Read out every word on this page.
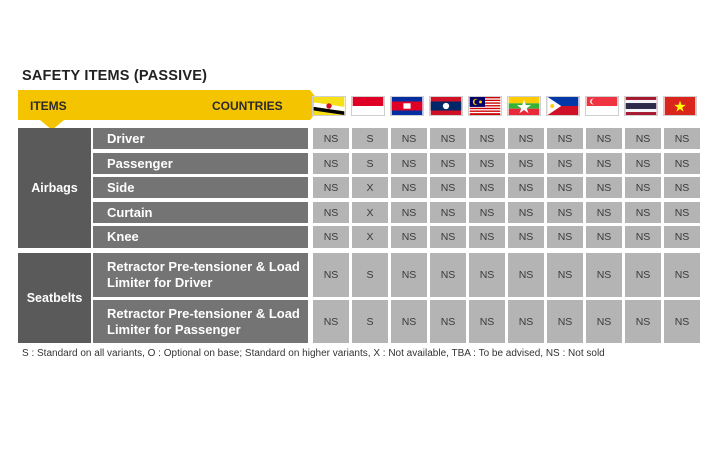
SAFETY ITEMS (PASSIVE)
ITEMS	COUNTRIES
Airbags
Driver	NS	S	NS	NS	NS	NS	NS	NS	NS	NS
Passenger	NS	S	NS	NS	NS	NS	NS	NS	NS	NS
Side	NS	X	NS	NS	NS	NS	NS	NS	NS	NS
Curtain	NS	X	NS	NS	NS	NS	NS	NS	NS	NS
Knee	NS	X	NS	NS	NS	NS	NS	NS	NS	NS
Seatbelts
Retractor Pre-tensioner & Load Limiter for Driver	NS	S	NS	NS	NS	NS	NS	NS	NS	NS
Retractor Pre-tensioner & Load Limiter for Passenger	NS	S	NS	NS	NS	NS	NS	NS	NS	NS
S : Standard on all variants, O : Optional on base; Standard on higher variants, X : Not available, TBA : To be advised, NS : Not sold
